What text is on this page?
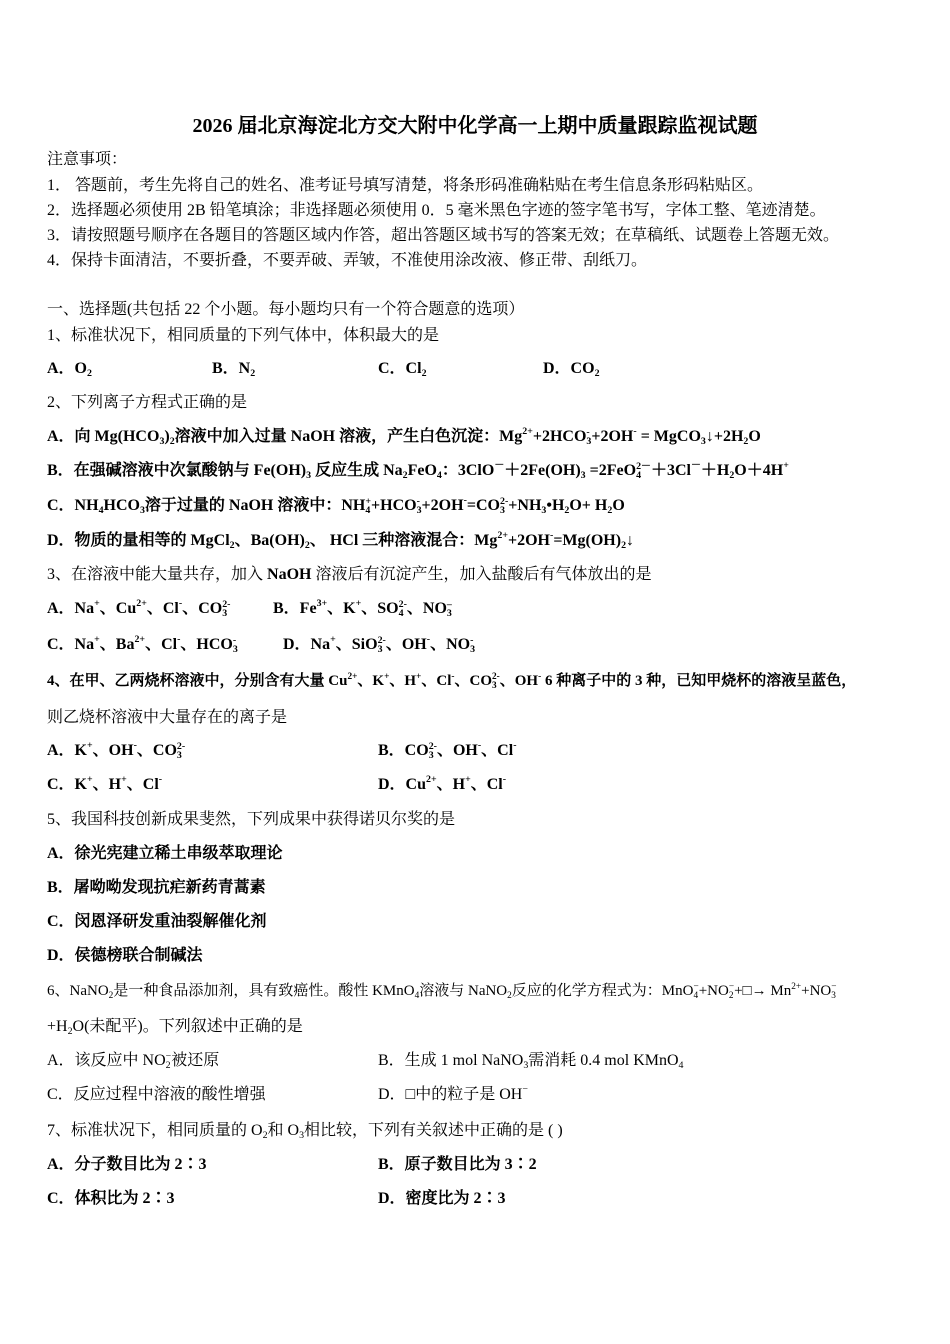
2026 届北京海淀北方交大附中化学高一上期中质量跟踪监视试题
注意事项：
1． 答题前，考生先将自己的姓名、准考证号填写清楚，将条形码准确粘贴在考生信息条形码粘贴区。
2．选择题必须使用 2B 铅笔填涂；非选择题必须使用 0．5 毫米黑色字迹的签字笔书写，字体工整、笔迹清楚。
3．请按照题号顺序在各题目的答题区域内作答，超出答题区域书写的答案无效；在草稿纸、试题卷上答题无效。
4．保持卡面清洁，不要折叠，不要弄破、弄皱，不准使用涂改液、修正带、刮纸刀。
一、选择题(共包括 22 个小题。每小题均只有一个符合题意的选项）
1、标准状况下，相同质量的下列气体中，体积最大的是
A．$O_2$	B．$N_2$	C．$Cl_2$	D．$CO_2$
2、下列离子方程式正确的是
A．向 $Mg(HCO_3)_2$溶液中加入过量 NaOH 溶液，产生白色沉淀：$Mg^{2+}+2HCO$ -
$3 +2OH^- = MgCO_3↓+2H_2O$
B．在强碱溶液中次氯酸钠与 $Fe(OH)_3$ 反应生成 $Na_2FeO_4$：$3ClO^-+2Fe(OH)_3 =2FeO$ 2－
$4 +3Cl^-+H_2O+4H^+$
C．$NH_4HCO_3$溶于过量的 NaOH 溶液中：NH +
4 +HCO -
3 +2OH-=CO 2-
$3 +NH_3•H_2O+ H_2O$
D．物质的量相等的 MgCl$_2$、$Ba(OH)_2$、 HCl 三种溶液混合：$Mg^{2+}+2OH^-=Mg(OH)_2↓$
3、在溶液中能大量共存，加入 NaOH 溶液后有沉淀产生，加入盐酸后有气体放出的是
A．Na+、$Cu^{2+}$、Cl-、CO 2-
3	B．$Fe^{3+}$、K+、SO 2-
4 、NO –
3
C．Na+、$Ba^{2+}$、Cl-、HCO -
3	D．Na+、SiO 2-
3 、OH-、NO -
3
4、在甲、乙两烧杯溶液中，分别含有大量 $Cu^{2+}$、K+、H+、Cl-、CO 2-
3 、OH- 6 种离子中的 3 种，已知甲烧杯的溶液呈蓝色，
则乙烧杯溶液中大量存在的离子是
A．K+、OH-、CO 2-
3	B．CO 2-
3 、OH-、Cl-
C．K+、H+、Cl-	D．$Cu^{2+}$、H+、Cl-
5、我国科技创新成果斐然，下列成果中获得诺贝尔奖的是
A．徐光宪建立稀土串级萃取理论
B．屠呦呦发现抗疟新药青蒿素
C．闵恩泽研发重油裂解催化剂
D．侯德榜联合制碱法
6、NaNO$_2$是一种食品添加剂，具有致癌性。酸性 KMnO$_4$溶液与 NaNO$_2$反应的化学方程式为：MnO −
4 +NO −
2 +□→ $Mn^{2+}+NO$ −
3
$+H_2O$(未配平)。下列叙述中正确的是
A．该反应中 NO −
2 被还原	B．生成 1 mol NaNO$_3$需消耗 0.4 mol KMnO$_4$
C．反应过程中溶液的酸性增强	D．□中的粒子是 OH−
7、标准状况下，相同质量的 $O_2$和 $O_3$相比较，下列有关叙述中正确的是 ( )
A．分子数目比为 2∶3	B．原子数目比为 3∶2
C．体积比为 2∶3	D．密度比为 2∶3
